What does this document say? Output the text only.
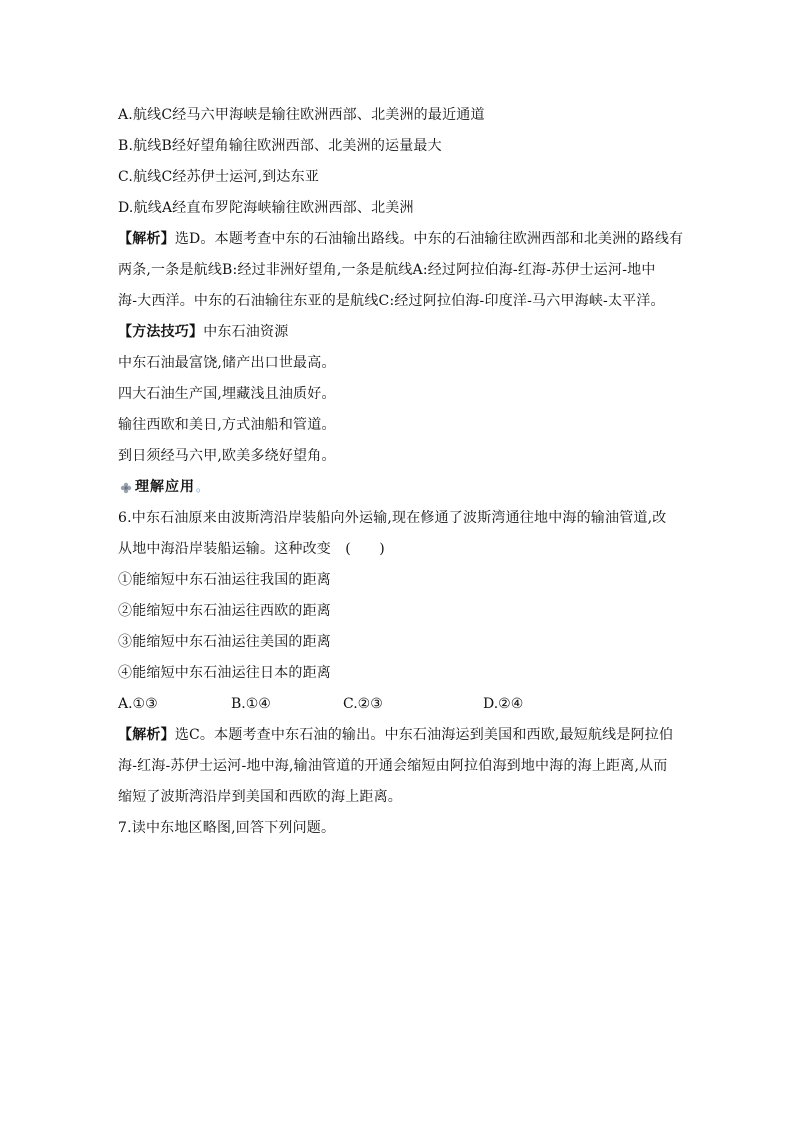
A.航线C经马六甲海峡是输往欧洲西部、北美洲的最近通道
B.航线B经好望角输往欧洲西部、北美洲的运量最大
C.航线C经苏伊士运河,到达东亚
D.航线A经直布罗陀海峡输往欧洲西部、北美洲
【解析】选D。本题考查中东的石油输出路线。中东的石油输往欧洲西部和北美洲的路线有
两条,一条是航线B:经过非洲好望角,一条是航线A:经过阿拉伯海-红海-苏伊士运河-地中
海-大西洋。中东的石油输往东亚的是航线C:经过阿拉伯海-印度洋-马六甲海峡-太平洋。
【方法技巧】中东石油资源
中东石油最富饶,储产出口世最高。
四大石油生产国,埋藏浅且油质好。
输往西欧和美日,方式油船和管道。
到日须经马六甲,欧美多绕好望角。
理解应用 。
6.中东石油原来由波斯湾沿岸装船向外运输,现在修通了波斯湾通往地中海的输油管道,改
从地中海沿岸装船运输。这种改变　(　　)
①能缩短中东石油运往我国的距离
②能缩短中东石油运往西欧的距离
③能缩短中东石油运往美国的距离
④能缩短中东石油运往日本的距离
A.①③	B.①④	C.②③	D.②④
【解析】选C。本题考查中东石油的输出。中东石油海运到美国和西欧,最短航线是阿拉伯
海-红海-苏伊士运河-地中海,输油管道的开通会缩短由阿拉伯海到地中海的海上距离,从而
缩短了波斯湾沿岸到美国和西欧的海上距离。
7.读中东地区略图,回答下列问题。
